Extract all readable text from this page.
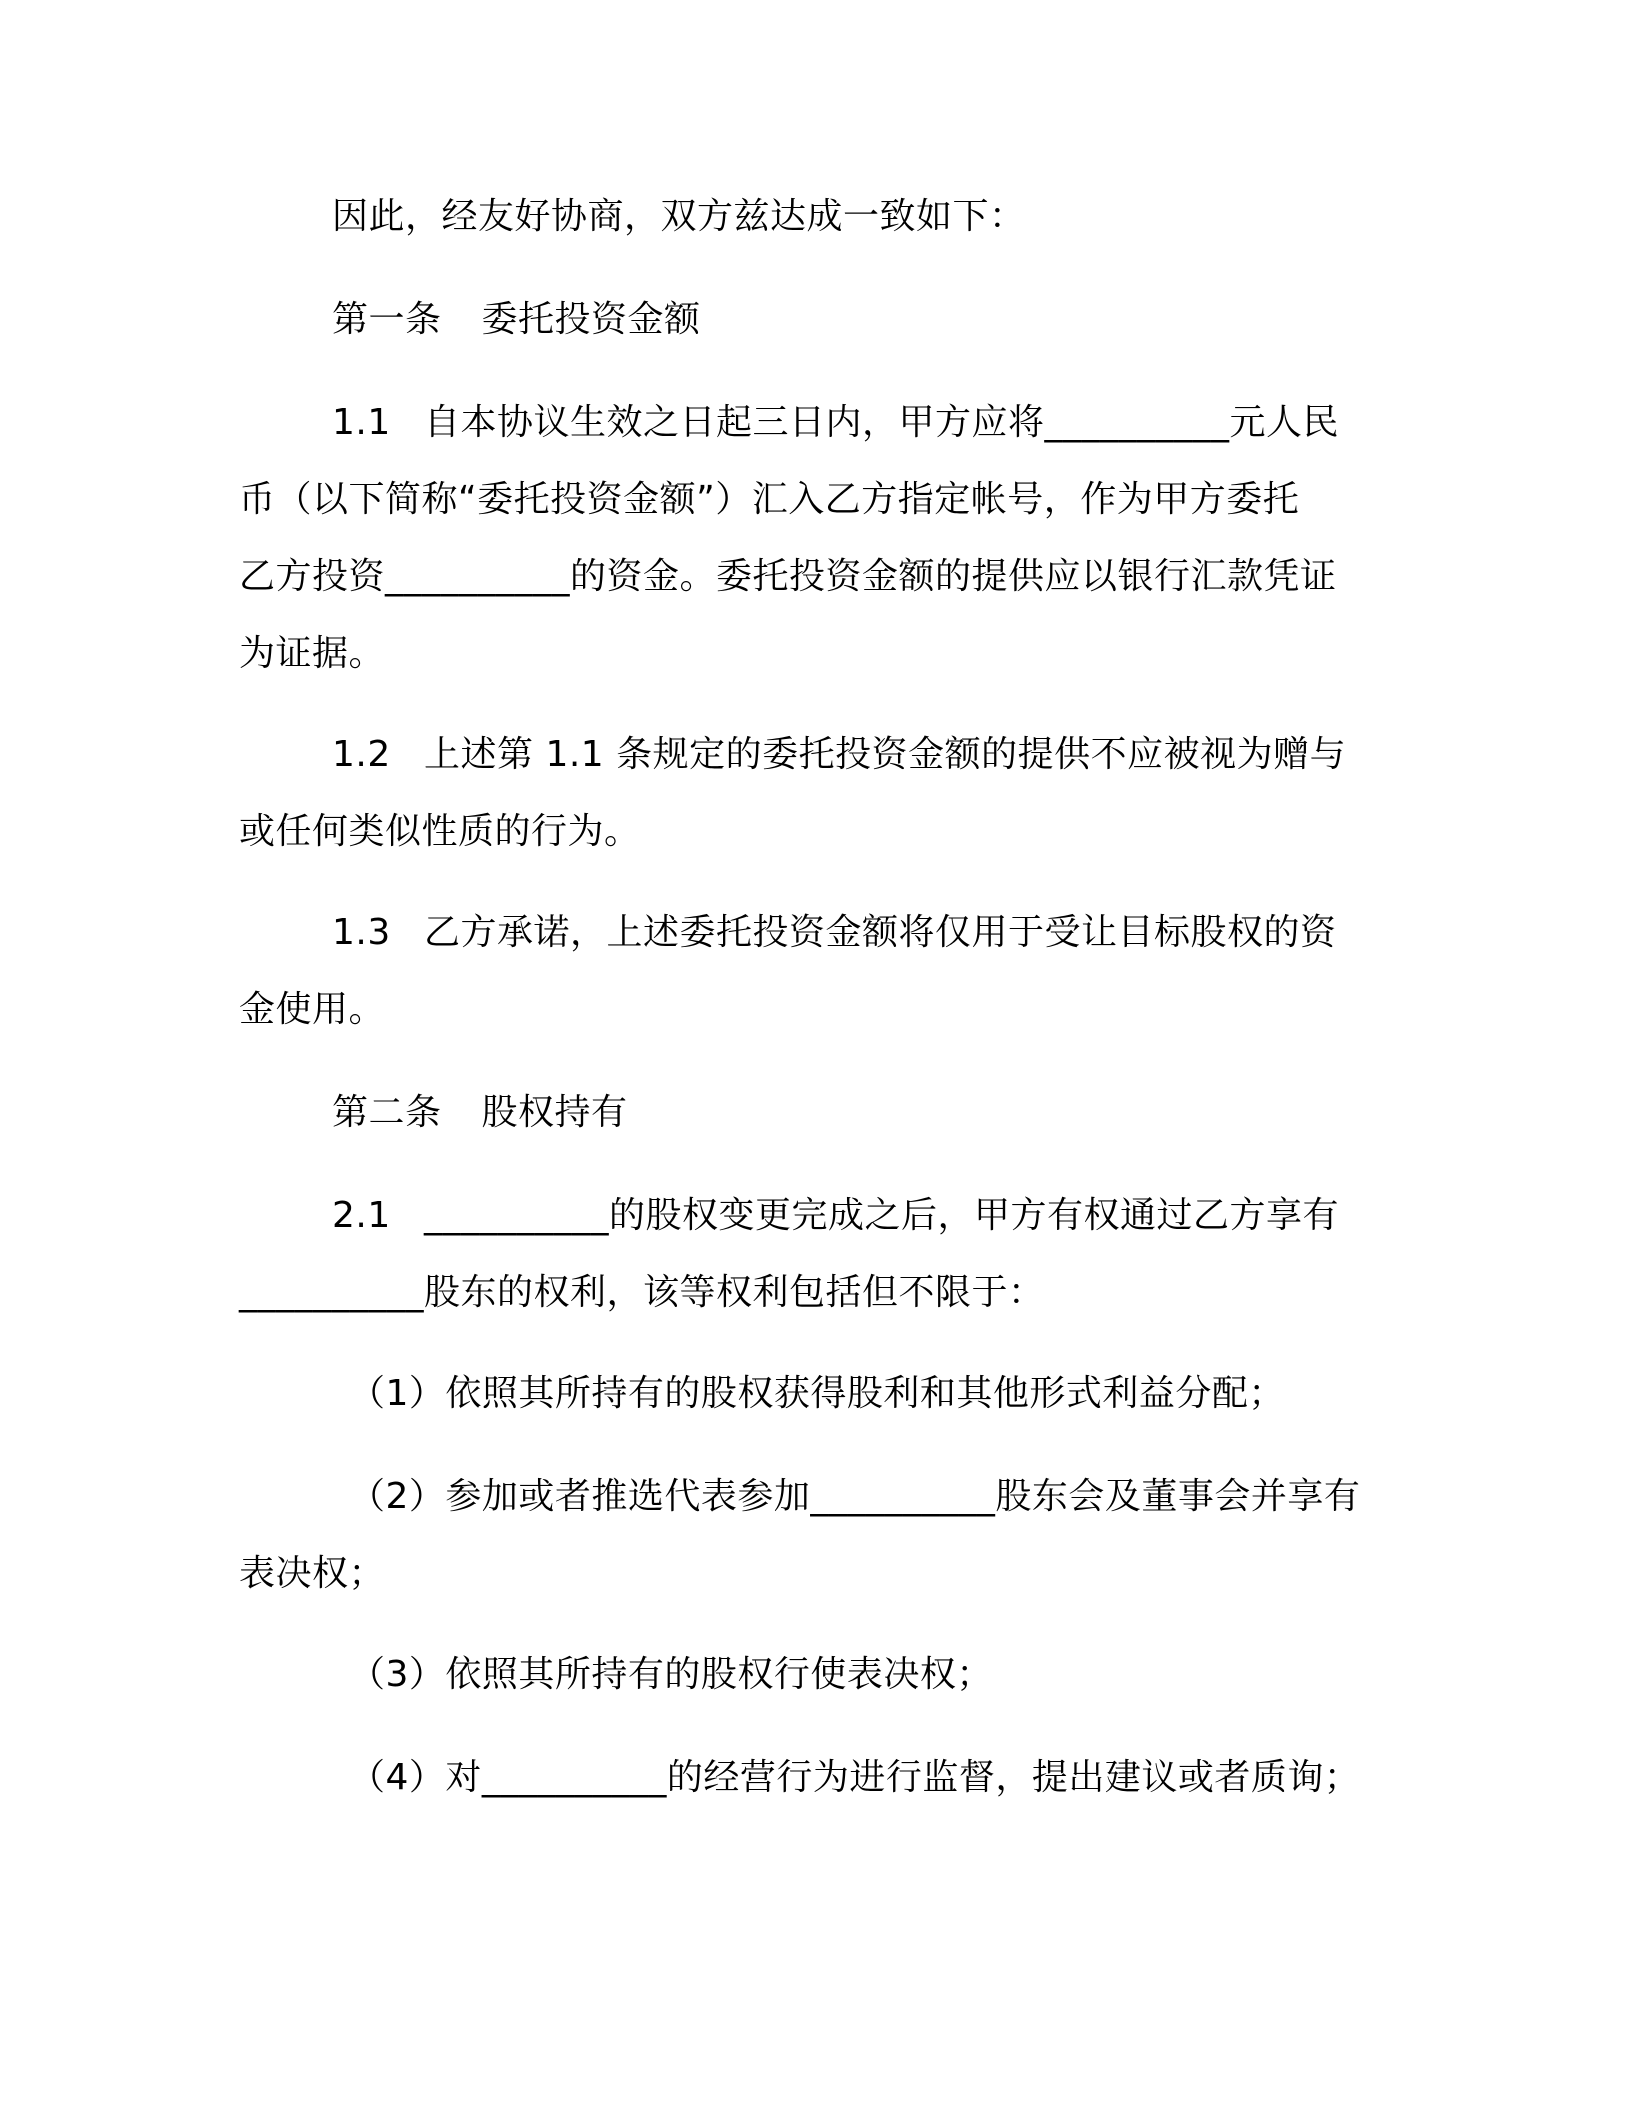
因此，经友好协商，双方兹达成一致如下：
第一条 委托投资金额
1.1 自本协议生效之日起三日内，甲方应将__________元人民
币（以下简称“委托投资金额”）汇入乙方指定帐号，作为甲方委托
乙方投资__________的资金。委托投资金额的提供应以银行汇款凭证
为证据。
1.2 上述第 1.1 条规定的委托投资金额的提供不应被视为赠与
或任何类似性质的行为。
1.3 乙方承诺，上述委托投资金额将仅用于受让目标股权的资
金使用。
第二条 股权持有
2.1 __________的股权变更完成之后，甲方有权通过乙方享有
__________股东的权利，该等权利包括但不限于：
（1）依照其所持有的股权获得股利和其他形式利益分配；
（2）参加或者推选代表参加__________股东会及董事会并享有
表决权；
（3）依照其所持有的股权行使表决权；
（4）对__________的经营行为进行监督，提出建议或者质询；
